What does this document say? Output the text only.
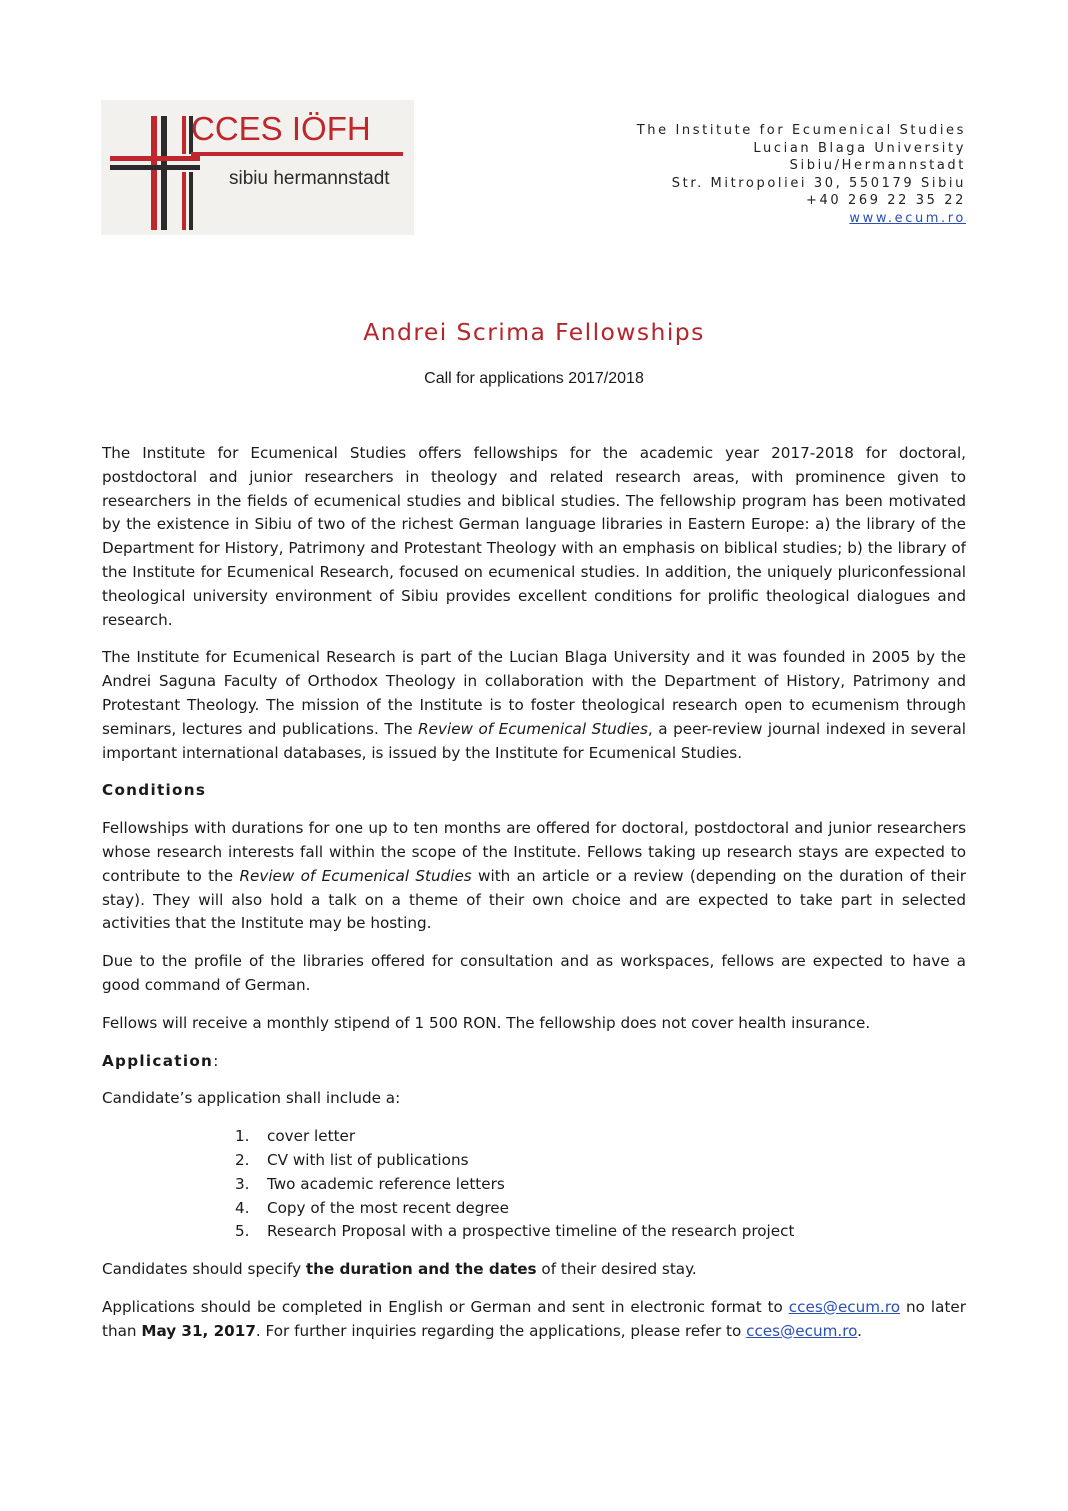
CCES IÖFH
sibiu hermannstadt
The Institute for Ecumenical Studies
Lucian Blaga University
Sibiu/Hermannstadt
Str. Mitropoliei 30, 550179 Sibiu
+40 269 22 35 22
www.ecum.ro
Andrei Scrima Fellowships
Call for applications 2017/2018

The Institute for Ecumenical Studies offers fellowships for the academic year 2017-2018 for doctoral, postdoctoral and junior researchers in theology and related research areas, with prominence given to researchers in the fields of ecumenical studies and biblical studies. The fellowship program has been motivated by the existence in Sibiu of two of the richest German language libraries in Eastern Europe: a) the library of the Department for History, Patrimony and Protestant Theology with an emphasis on biblical studies; b) the library of the Institute for Ecumenical Research, focused on ecumenical studies. In addition, the uniquely pluriconfessional theological university environment of Sibiu provides excellent conditions for prolific theological dialogues and research.

The Institute for Ecumenical Research is part of the Lucian Blaga University and it was founded in 2005 by the Andrei Saguna Faculty of Orthodox Theology in collaboration with the Department of History, Patrimony and Protestant Theology. The mission of the Institute is to foster theological research open to ecumenism through seminars, lectures and publications. The Review of Ecumenical Studies, a peer-review journal indexed in several important international databases, is issued by the Institute for Ecumenical Studies.

Conditions

Fellowships with durations for one up to ten months are offered for doctoral, postdoctoral and junior researchers whose research interests fall within the scope of the Institute. Fellows taking up research stays are expected to contribute to the Review of Ecumenical Studies with an article or a review (depending on the duration of their stay). They will also hold a talk on a theme of their own choice and are expected to take part in selected activities that the Institute may be hosting.

Due to the profile of the libraries offered for consultation and as workspaces, fellows are expected to have a good command of German.

Fellows will receive a monthly stipend of 1 500 RON. The fellowship does not cover health insurance.

Application:

Candidate’s application shall include a:

1.	cover letter
2.	CV with list of publications
3.	Two academic reference letters
4.	Copy of the most recent degree
5.	Research Proposal with a prospective timeline of the research project

Candidates should specify the duration and the dates of their desired stay.

Applications should be completed in English or German and sent in electronic format to cces@ecum.ro no later than May 31, 2017. For further inquiries regarding the applications, please refer to cces@ecum.ro.
